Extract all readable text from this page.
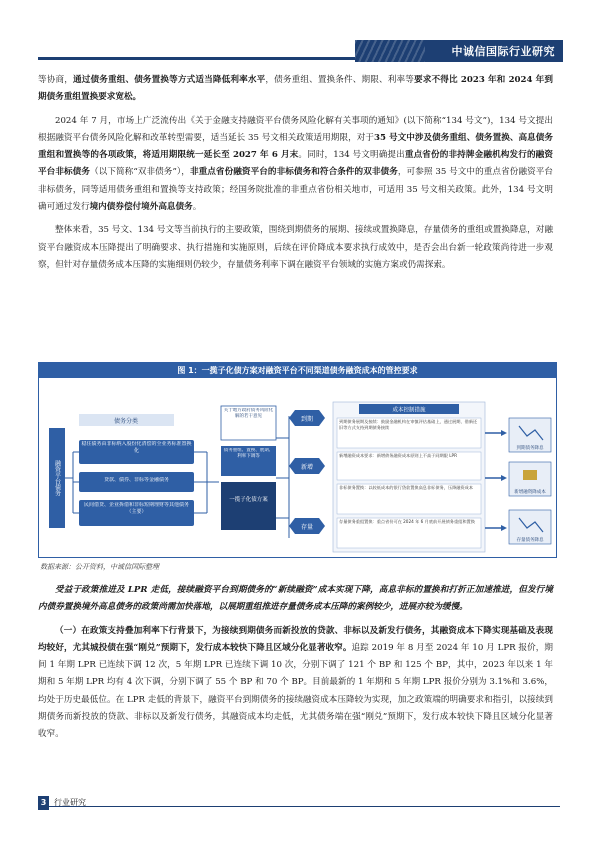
中诚信国际行业研究

等协商，通过债务重组、债务置换等方式适当降低利率水平，债务重组、置换条件、期限、利率等要求不得比 2023 年和 2024 年到期债务重组置换要求宽松。

2024 年 7 月，市场上广泛流传出《关于金融支持融资平台债务风险化解有关事项的通知》(以下简称“134 号文”)，134 号文提出根据融资平台债务风险化解和改革转型需要，适当延长 35 号文相关政策适用期限，对于35 号文中涉及债务重组、债务置换、高息债务重组和置换等的各项政策，将适用期限统一延长至 2027 年 6 月末。同时，134 号文明确提出重点省份的非持牌金融机构发行的融资平台非标债务（以下简称“双非债务”），非重点省份融资平台的非标债务和符合条件的双非债务，可参照 35 号文中的重点省份融资平台非标债务，同等适用债务重组和置换等支持政策；经国务院批准的非重点省份相关地市，可适用 35 号文相关政策。此外，134 号文明确可通过发行境内债券偿付境外高息债务。

整体来看，35 号文、134 号文等当前执行的主要政策，围绕到期债务的展期、接续或置换降息，存量债务的重组或置换降息，对融资平台融资成本压降提出了明确要求、执行措施和实施原则，后续在评价降成本要求执行成效中，是否会出台新一轮政策尚待进一步观察，但针对存量债务成本压降的实施细则仍较少，存量债务利率下调在融资平台领域的实施方案或仍需探索。

图 1：一揽子化债方案对融资平台不同渠道债务融资成本的管控要求
融资平台债务
债务分类
稳住债务由非标纳入股份化清偿的全业务标准置换化
贷款、债券、非标等金融债务
民间借贷、企业拆借和非标短期理财等其他债务（主要）
关于地方政府债务风险化解的若干意见
债务重组、置换、展期、利率下调等
一揽子化债方案
到期
新增
存量
成本控制措施
到期债务展期及接续：鼓励金融机构在审慎评估基础上，通过展期、借新还旧等方式支持到期债务接续
新增融资成本要求：新增债务融资成本原则上不高于同期限 LPR
非标债务置换：以较低成本的银行贷款置换高息非标债务，压降融资成本
存量债务重组置换：重点省份可在 2024 年 6 月底前开展债务重组和置换
到期债务降息
新增融资降成本
存量债务降息
数据来源：公开资料，中诚信国际整理

受益于政策推进及 LPR 走低，接续融资平台到期债务的“新续融资”成本实现下降，高息非标的置换和打折正加速推进，但发行境内债券置换境外高息债务的政策尚需加快落地，以展期重组推进存量债务成本压降的案例较少，进展亦较为缓慢。

（一）在政策支持叠加利率下行背景下，为接续到期债务而新投放的贷款、非标以及新发行债务，其融资成本下降实现基础及表现均较好，尤其城投债在强“刚兑”预期下，发行成本较快下降且区域分化显著收窄。追踪 2019 年 8 月至 2024 年 10 月 LPR 报价，期间 1 年期 LPR 已连续下调 12 次，5 年期 LPR 已连续下调 10 次，分别下调了 121 个 BP 和 125 个 BP，其中，2023 年以来 1 年期和 5 年期 LPR 均有 4 次下调，分别下调了 55 个 BP 和 70 个 BP。目前最新的 1 年期和 5 年期 LPR 报价分别为 3.1%和 3.6%，均处于历史最低位。在 LPR 走低的背景下，融资平台到期债务的接续融资成本压降较为实现，加之政策端的明确要求和指引，以接续到期债务而新投放的贷款、非标以及新发行债务，其融资成本均走低，尤其债务端在强“刚兑”预期下，发行成本较快下降且区域分化显著收窄。

3 行业研究
